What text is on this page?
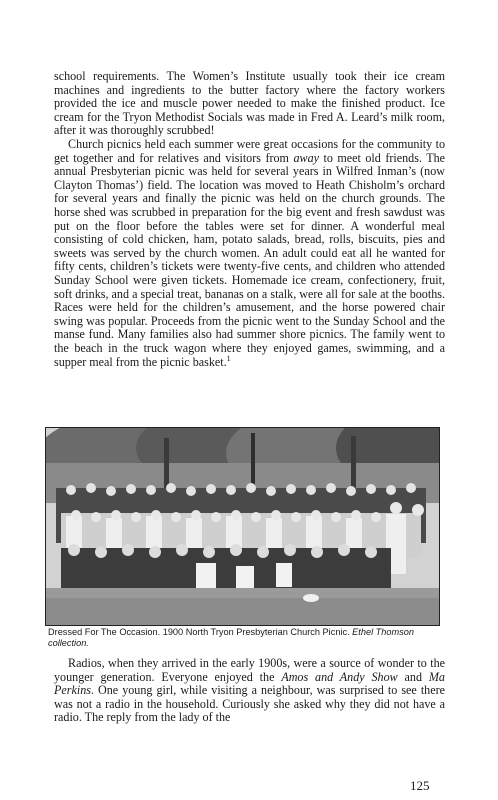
school requirements. The Women’s Institute usually took their ice cream machines and ingredients to the butter factory where the factory workers provided the ice and muscle power needed to make the finished product. Ice cream for the Tryon Methodist Socials was made in Fred A. Leard’s milk room, after it was thoroughly scrubbed!

Church picnics held each summer were great occasions for the community to get together and for relatives and visitors from away to meet old friends. The annual Presbyterian picnic was held for several years in Wilfred Inman’s (now Clayton Thomas’) field. The location was moved to Heath Chisholm’s orchard for several years and finally the picnic was held on the church grounds. The horse shed was scrubbed in preparation for the big event and fresh sawdust was put on the floor before the tables were set for dinner. A wonderful meal consisting of cold chicken, ham, potato salads, bread, rolls, biscuits, pies and sweets was served by the church women. An adult could eat all he wanted for fifty cents, children’s tickets were twenty-five cents, and children who attended Sunday School were given tickets. Homemade ice cream, confectionery, fruit, soft drinks, and a special treat, bananas on a stalk, were all for sale at the booths. Races were held for the children’s amusement, and the horse powered chair swing was popular. Proceeds from the picnic went to the Sunday School and the manse fund. Many families also had summer shore picnics. The family went to the beach in the truck wagon where they enjoyed games, swimming, and a supper meal from the picnic basket.$^1$

Dressed For The Occasion. 1900 North Tryon Presbyterian Church Picnic. Ethel Thomson collection.

Radios, when they arrived in the early 1900s, were a source of wonder to the younger generation. Everyone enjoyed the Amos and Andy Show and Ma Perkins. One young girl, while visiting a neighbour, was surprised to see there was not a radio in the household. Curiously she asked why they did not have a radio. The reply from the lady of the

125
